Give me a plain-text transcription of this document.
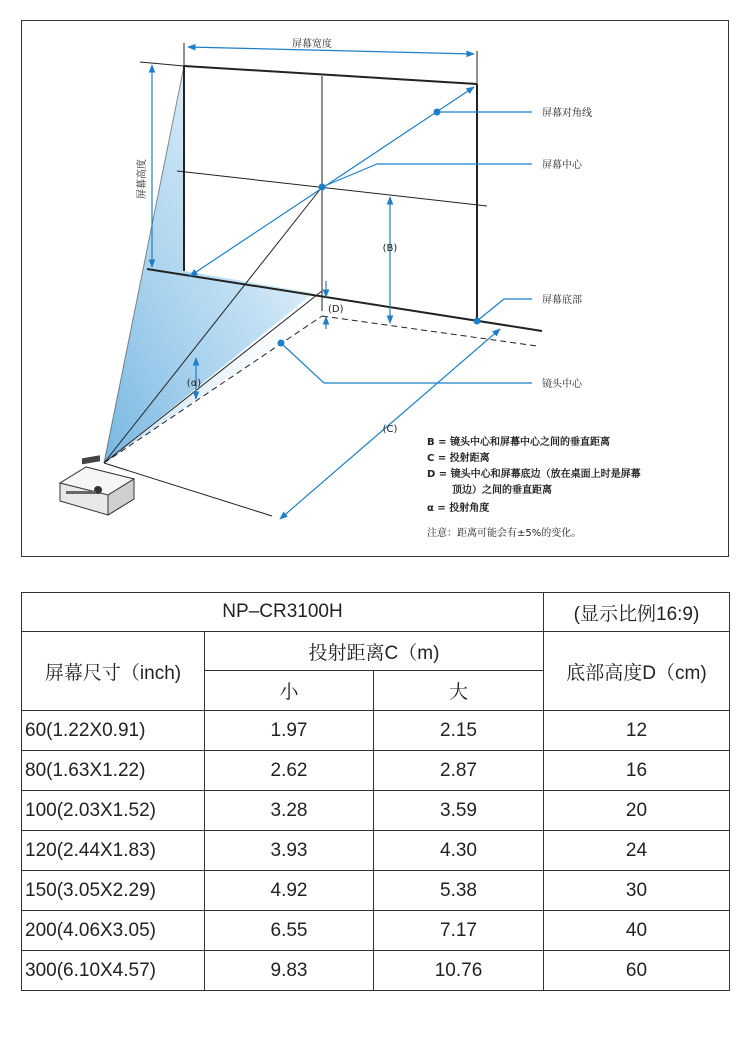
屏幕宽度
屏幕高度
屏幕对角线
屏幕中心
(B)
(D)
屏幕底部
镜头中心
(α)
(C)
B = 镜头中心和屏幕中心之间的垂直距离
C = 投射距离
D = 镜头中心和屏幕底边（放在桌面上时是屏幕
顶边）之间的垂直距离
α = 投射角度
注意：距离可能会有±5%的变化。
NP–CR3100H			(显示比例16:9)
屏幕尺寸（inch)	投射距离C（m)		底部高度D（cm)
	小	大	
60(1.22X0.91)	1.97	2.15	12
80(1.63X1.22)	2.62	2.87	16
100(2.03X1.52)	3.28	3.59	20
120(2.44X1.83)	3.93	4.30	24
150(3.05X2.29)	4.92	5.38	30
200(4.06X3.05)	6.55	7.17	40
300(6.10X4.57)	9.83	10.76	60
